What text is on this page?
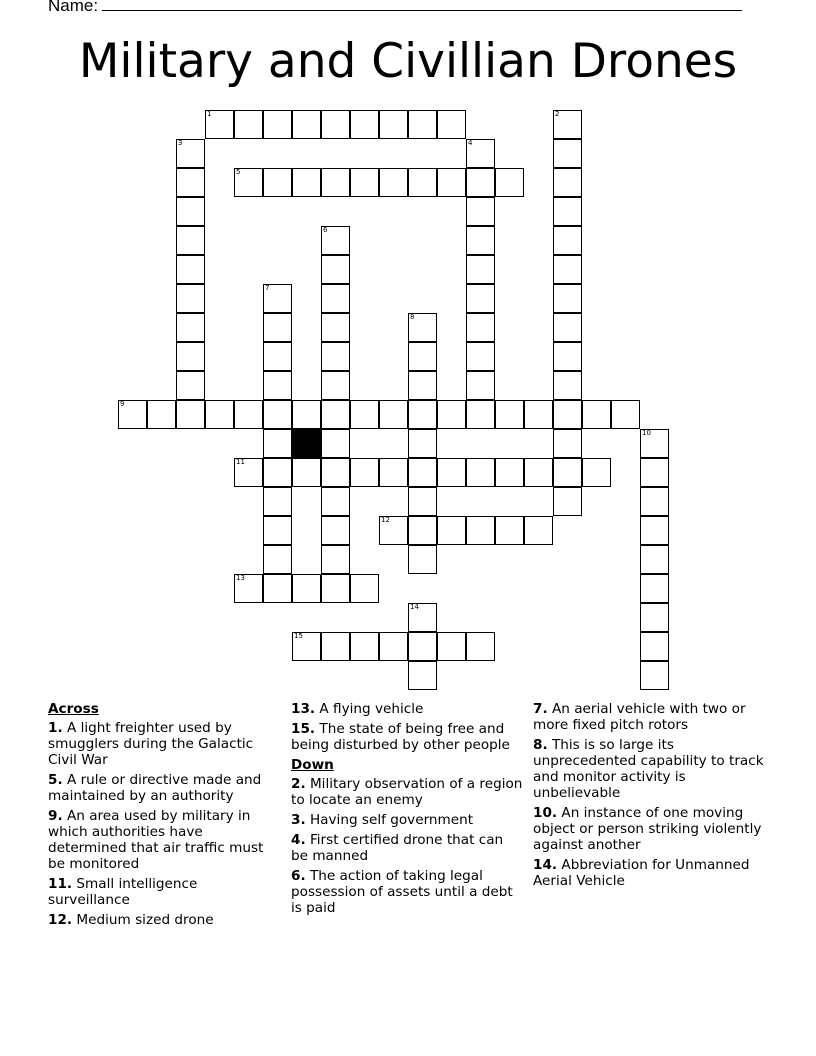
Name:
Military and Civillian Drones
1	2
3	4
5
6
7
8
9
10
11
12
13
14
15
Across
1. A light freighter used by smugglers during the Galactic Civil War
5. A rule or directive made and maintained by an authority
9. An area used by military in which authorities have determined that air traffic must be monitored
11. Small intelligence surveillance
12. Medium sized drone
13. A flying vehicle
15. The state of being free and being disturbed by other people
Down
2. Military observation of a region to locate an enemy
3. Having self government
4. First certified drone that can be manned
6. The action of taking legal possession of assets until a debt is paid
7. An aerial vehicle with two or more fixed pitch rotors
8. This is so large its unprecedented capability to track and monitor activity is unbelievable
10. An instance of one moving object or person striking violently against another
14. Abbreviation for Unmanned Aerial Vehicle
